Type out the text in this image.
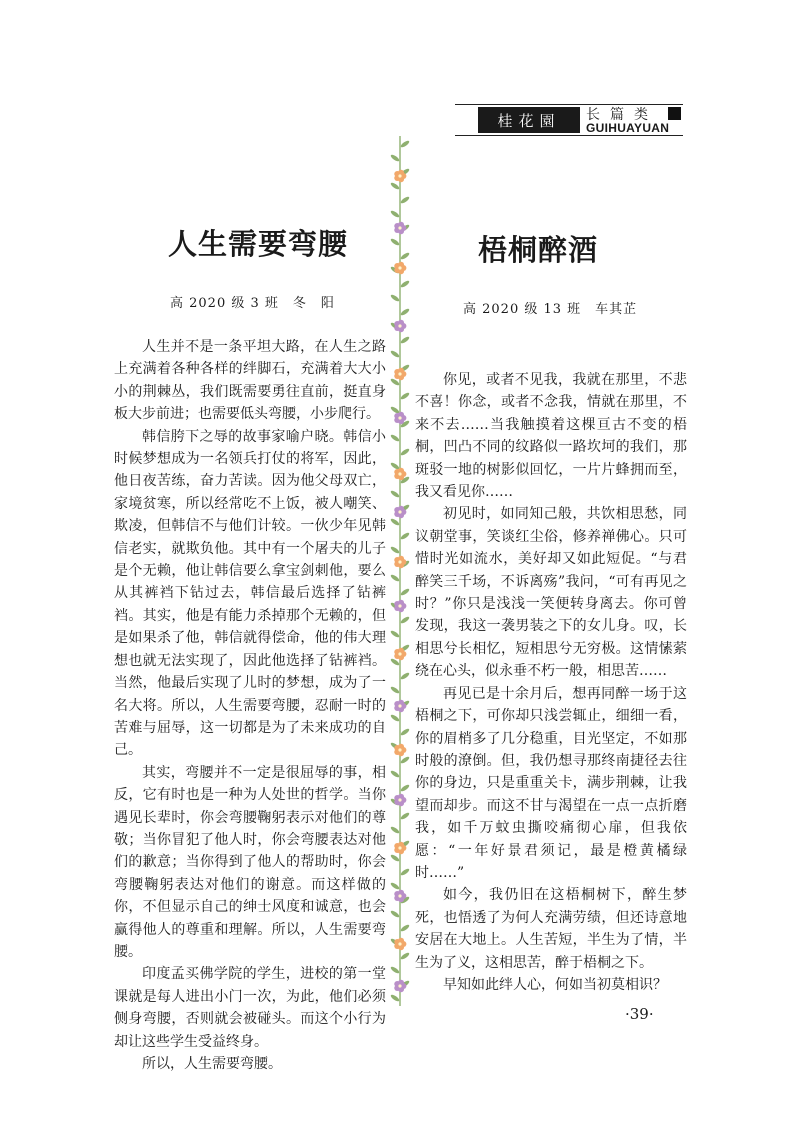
桂花園	长篇类
GUIHUAYUAN
人生需要弯腰
高 2020 级 3 班　冬　阳

人生并不是一条平坦大路，在人生之路上充满着各种各样的绊脚石，充满着大大小小的荆棘丛，我们既需要勇往直前，挺直身板大步前进；也需要低头弯腰，小步爬行。

韩信胯下之辱的故事家喻户晓。韩信小时候梦想成为一名领兵打仗的将军，因此，他日夜苦练，奋力苦读。因为他父母双亡，家境贫寒，所以经常吃不上饭，被人嘲笑、欺凌，但韩信不与他们计较。一伙少年见韩信老实，就欺负他。其中有一个屠夫的儿子是个无赖，他让韩信要么拿宝剑刺他，要么从其裤裆下钻过去，韩信最后选择了钻裤裆。其实，他是有能力杀掉那个无赖的，但是如果杀了他，韩信就得偿命，他的伟大理想也就无法实现了，因此他选择了钻裤裆。当然，他最后实现了儿时的梦想，成为了一名大将。所以，人生需要弯腰，忍耐一时的苦难与屈辱，这一切都是为了未来成功的自己。

其实，弯腰并不一定是很屈辱的事，相反，它有时也是一种为人处世的哲学。当你遇见长辈时，你会弯腰鞠躬表示对他们的尊敬；当你冒犯了他人时，你会弯腰表达对他们的歉意；当你得到了他人的帮助时，你会弯腰鞠躬表达对他们的谢意。而这样做的你，不但显示自己的绅士风度和诚意，也会赢得他人的尊重和理解。所以，人生需要弯腰。

印度孟买佛学院的学生，进校的第一堂课就是每人进出小门一次，为此，他们必须侧身弯腰，否则就会被碰头。而这个小行为却让这些学生受益终身。

所以，人生需要弯腰。

梧桐醉酒
高 2020 级 13 班　车其芷

你见，或者不见我，我就在那里，不悲不喜！你念，或者不念我，情就在那里，不来不去……当我触摸着这棵亘古不变的梧桐，凹凸不同的纹路似一路坎坷的我们，那斑驳一地的树影似回忆，一片片蜂拥而至，我又看见你……

初见时，如同知己般，共饮相思愁，同议朝堂事，笑谈红尘俗，修养禅佛心。只可惜时光如流水，美好却又如此短促。“与君醉笑三千场，不诉离殇”我问，“可有再见之时？”你只是浅浅一笑便转身离去。你可曾发现，我这一袭男装之下的女儿身。叹，长相思兮长相忆，短相思兮无穷极。这情愫萦绕在心头，似永垂不朽一般，相思苦……

再见已是十余月后，想再同醉一场于这梧桐之下，可你却只浅尝辄止，细细一看，你的眉梢多了几分稳重，目光坚定，不如那时般的潦倒。但，我仍想寻那终南捷径去往你的身边，只是重重关卡，满步荆棘，让我望而却步。而这不甘与渴望在一点一点折磨我，如千万蚊虫撕咬痛彻心扉，但我依愿：“一年好景君须记，最是橙黄橘绿时……”

如今，我仍旧在这梧桐树下，醉生梦死，也悟透了为何人充满劳绩，但还诗意地安居在大地上。人生苦短，半生为了情，半生为了义，这相思苦，醉于梧桐之下。

早知如此绊人心，何如当初莫相识？

·39·
